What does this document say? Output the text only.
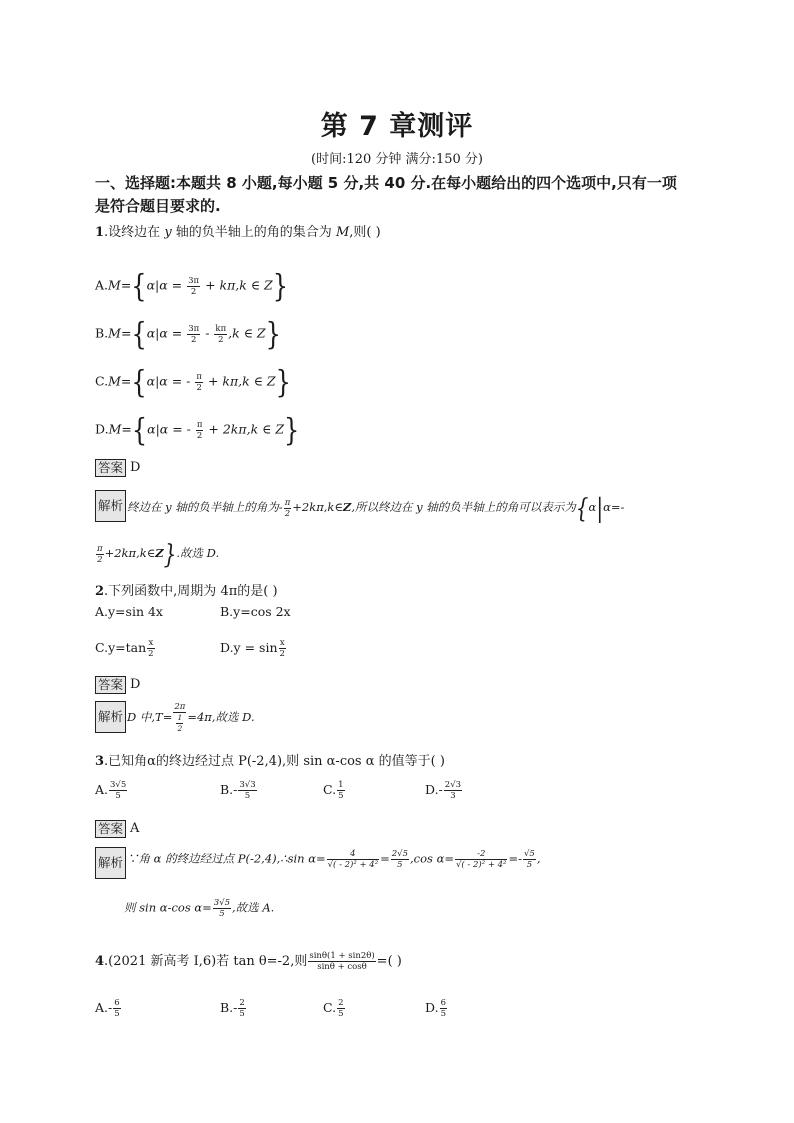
第 7 章测评
(时间:120 分钟 满分:150 分)
一、选择题:本题共 8 小题,每小题 5 分,共 40 分.在每小题给出的四个选项中,只有一项
是符合题目要求的.
1.设终边在 y 轴的负半轴上的角的集合为 M,则( )
$A.M=\{\alpha|\alpha = \frac{3\pi}{2} + k\pi,k$ ∈ Z}
$B.M=\{\alpha|\alpha = \frac{3\pi}{2} - \frac{k\pi}{2} ,k$ ∈ Z}
C.M={α|α = - $\frac{\pi}{2} + k\pi,k$ ∈ Z}
D.M={α|α = - $\frac{\pi}{2} + 2k\pi,k$ ∈ Z}
答案 D
解析 终边在 y 轴的负半轴上的角为- $\frac{\pi}{2}$ +2kπ,k∈Z,所以终边在 y 轴的负半轴上的角可以表示为{α|α=-
$\frac{\pi}{2}$ +2kπ,k∈Z}.故选 D.
2.下列函数中,周期为 4π的是( )
A.y=sin 4x	B.y=cos 2x
$C.y=\tan \frac{x}{2}$	$D.y = \sin \frac{x}{2}$
答案 D
解析 D 中$,T= \frac{2\pi}{\frac{1}{2}} =4\pi$,故选 D.
3.已知角α的终边经过点 P(-2,4),则 sin α-cos α 的值等于( )
A. $\frac{3√5}{5}$	$B.- \frac{3√3}{5}$	C. $\frac{1}{5}$	$D.- \frac{2√3}{3}$
答案 A
解析 ∵角 α 的终边经过点 P(-2,4),∴sin $\alpha= \frac{4}{\text{√( - 2)² + 4²}} = \frac{2√5}{5} ,\cos$ $\alpha= \frac{-2}{\text{√( - 2)² + 4²}} =- \frac{√5}{5}$ ,
则 sin α-cos $\alpha= \frac{3√5}{5}$ ,故选 A.
4.(2021 新高考 Ⅰ,6)若 tan θ=-2,则 $\frac{\sin\theta(1 + \sin 2\theta)}{\sin\theta + \cos\theta}$ =( )
$A.- \frac{6}{5}$	$B.- \frac{2}{5}$	C. $\frac{2}{5}$	D. $\frac{6}{5}$
